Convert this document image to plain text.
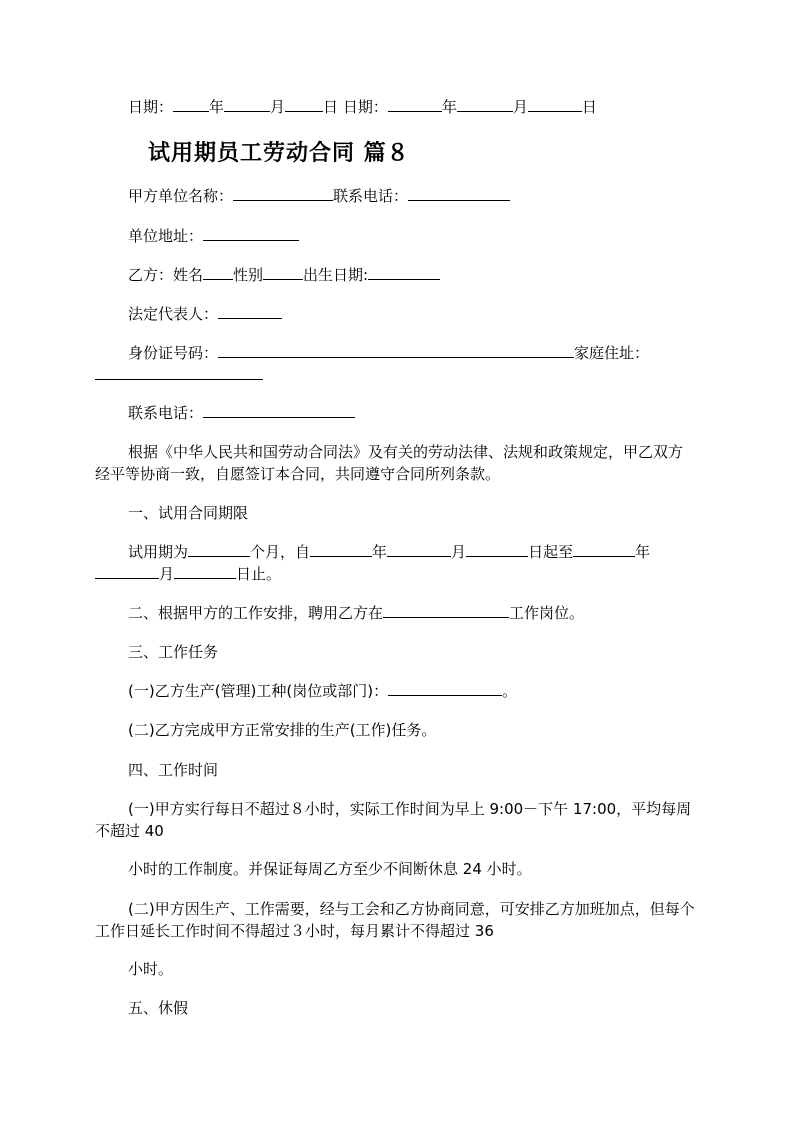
日期： 年	月	日 日期：	年	月	日
试用期员工劳动合同 篇８
甲方单位名称：	联系电话：
单位地址：
乙方：姓名 性别	出生日期:
法定代表人：
身份证号码：	家庭住址：
联系电话：
根据《中华人民共和国劳动合同法》及有关的劳动法律、法规和政策规定，甲乙双方经平等协商一致，自愿签订本合同，共同遵守合同所列条款。
一、试用合同期限
试用期为	个月，自	年	月	日起至	年月	日止。
二、根据甲方的工作安排，聘用乙方在	工作岗位。
三、工作任务
(一)乙方生产(管理)工种(岗位或部门)：	。
(二)乙方完成甲方正常安排的生产(工作)任务。
四、工作时间
(一)甲方实行每日不超过８小时，实际工作时间为早上 9:00－下午 17:00，平均每周不超过 40
小时的工作制度。并保证每周乙方至少不间断休息 24 小时。
(二)甲方因生产、工作需要，经与工会和乙方协商同意，可安排乙方加班加点，但每个工作日延长工作时间不得超过３小时，每月累计不得超过 36
小时。
五、休假
